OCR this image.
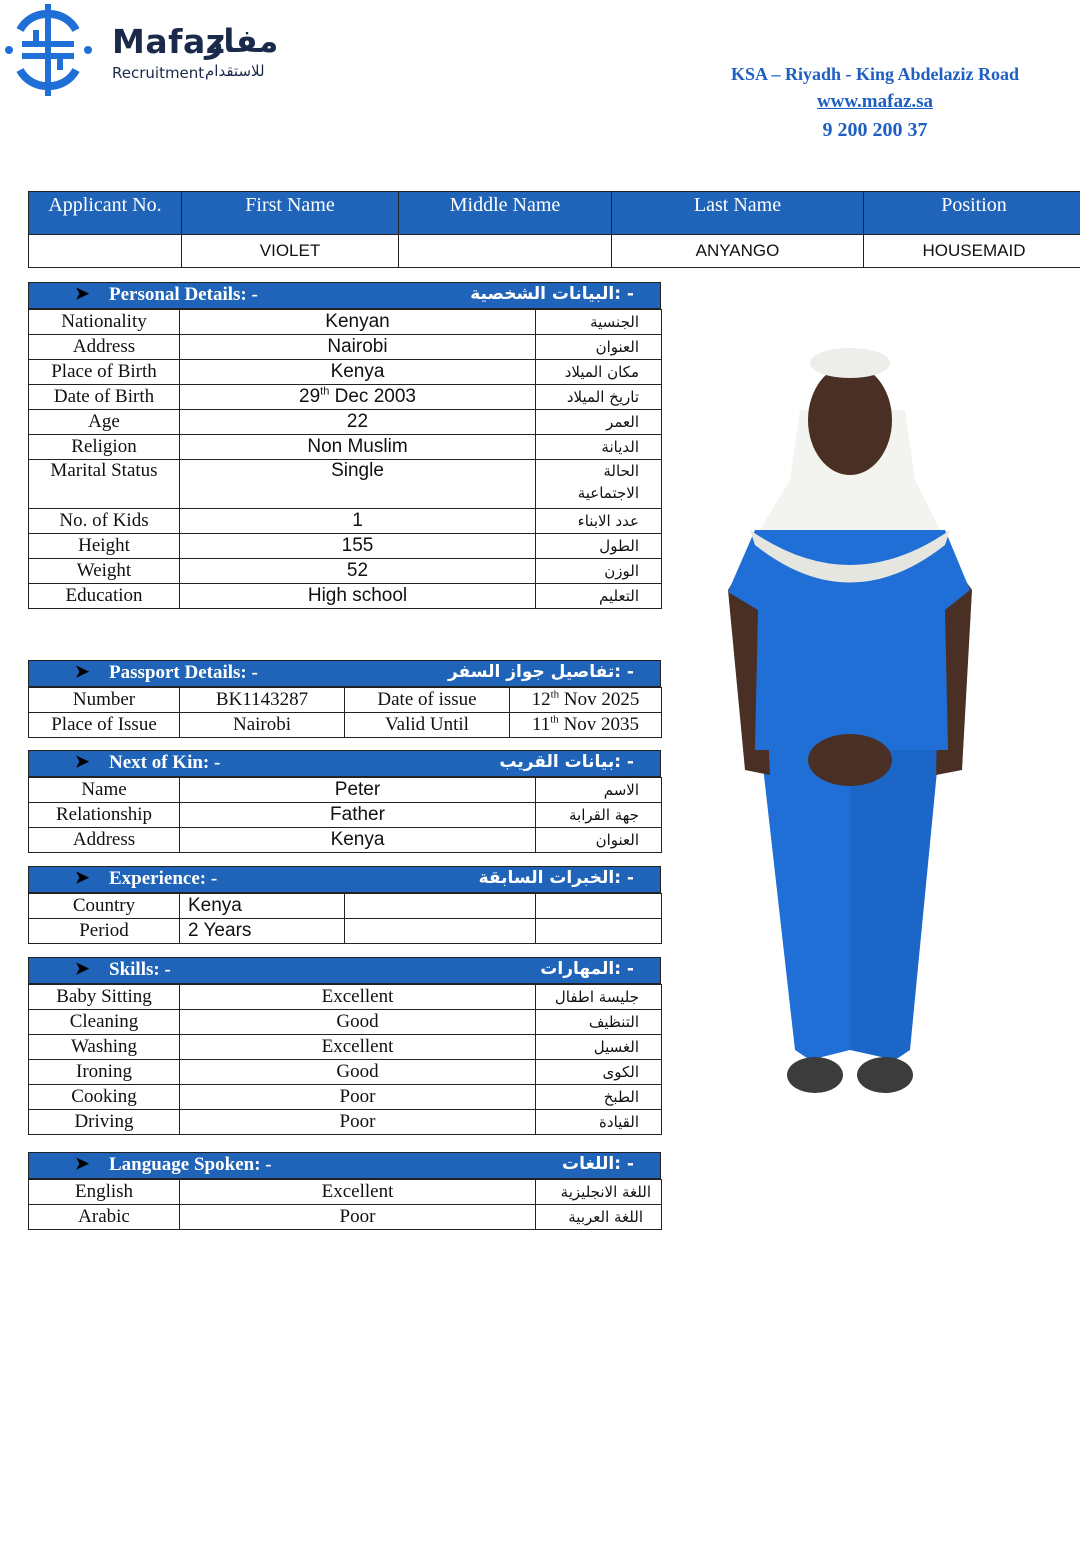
Mafaz
مفاز
Recruitment للاستقدام	KSA – Riyadh - King Abdelaziz Road
www.mafaz.sa
9 200 200 37
Applicant No.	First Name	Middle Name	Last Name	Position
	VIOLET		ANYANGO	HOUSEMAID
➤ Personal Details: -	البيانات الشخصية: -
Nationality	Kenyan	الجنسية
Address	Nairobi	العنوان
Place of Birth	Kenya	مكان الميلاد
Date of Birth	29th Dec 2003	تاريخ الميلاد
Age	22	العمر
Religion	Non Muslim	الديانة
Marital Status	Single	الحالة
الاجتماعية

No. of Kids	1	عدد الابناء
Height	155	الطول
Weight	52	الوزن
Education	High school	التعليم
➤ Passport Details: -	تفاصيل جواز السفر: -
Number	BK1143287	Date of issue	12th Nov 2025
Place of Issue	Nairobi	Valid Until	11th Nov 2035
➤ Next of Kin: -	بيانات القريب: -
Name	Peter	الاسم
Relationship	Father	جهة القرابة
Address	Kenya	العنوان
➤ Experience: -	الخبرات السابقة: -
Country	Kenya		
Period	2 Years		
➤ Skills: -	المهارات: -
Baby Sitting	Excellent	جليسة اطفال
Cleaning	Good	التنظيف
Washing	Excellent	الغسيل
Ironing	Good	الكوى
Cooking	Poor	الطبخ
Driving	Poor	القيادة
➤ Language Spoken: -	اللغات: -
English	Excellent	اللغة الانجليزية
Arabic	Poor	اللغة العربية
